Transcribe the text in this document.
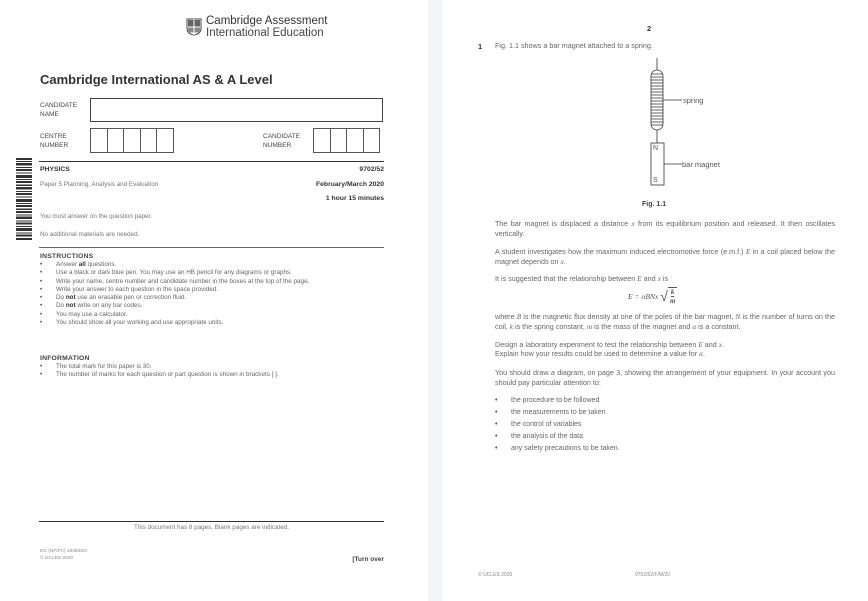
Cambridge Assessment
International Education
Cambridge International AS & A Level
CANDIDATE
NAME
CENTRE
NUMBER
CANDIDATE
NUMBER
PHYSICS	9702/52
Paper 5 Planning, Analysis and Evaluation	February/March 2020
1 hour 15 minutes
You must answer on the question paper.
No additional materials are needed.
INSTRUCTIONS
• Answer all questions.
• Use a black or dark blue pen. You may use an HB pencil for any diagrams or graphs.
• Write your name, centre number and candidate number in the boxes at the top of the page.
• Write your answer to each question in the space provided.
• Do not use an erasable pen or correction fluid.
• Do not write on any bar codes.
• You may use a calculator.
• You should show all your working and use appropriate units.
INFORMATION
• The total mark for this paper is 30.
• The number of marks for each question or part question is shown in brackets [ ].
This document has 8 pages. Blank pages are indicated.
DC (NF/FC) 183948/3
© UCLES 2020	[Turn over
2
1 Fig. 1.1 shows a bar magnet attached to a spring.
spring
bar magnet
N
S
Fig. 1.1
The bar magnet is displaced a distance x from its equilibrium position and released. It then oscillates vertically.
A student investigates how the maximum induced electromotive force (e.m.f.) E in a coil placed below the magnet depends on x.
It is suggested that the relationship between E and x is
E = αBNx √ $\frac{k}{m}$
where B is the magnetic flux density at one of the poles of the bar magnet, N is the number of turns on the coil, k is the spring constant, m is the mass of the magnet and α is a constant.
Design a laboratory experiment to test the relationship between E and x.
Explain how your results could be used to determine a value for α.
You should draw a diagram, on page 3, showing the arrangement of your equipment. In your account you should pay particular attention to:
• the procedure to be followed
• the measurements to be taken
• the control of variables
• the analysis of the data
• any safety precautions to be taken.
© UCLES 2020	9702/52/F/M/20
